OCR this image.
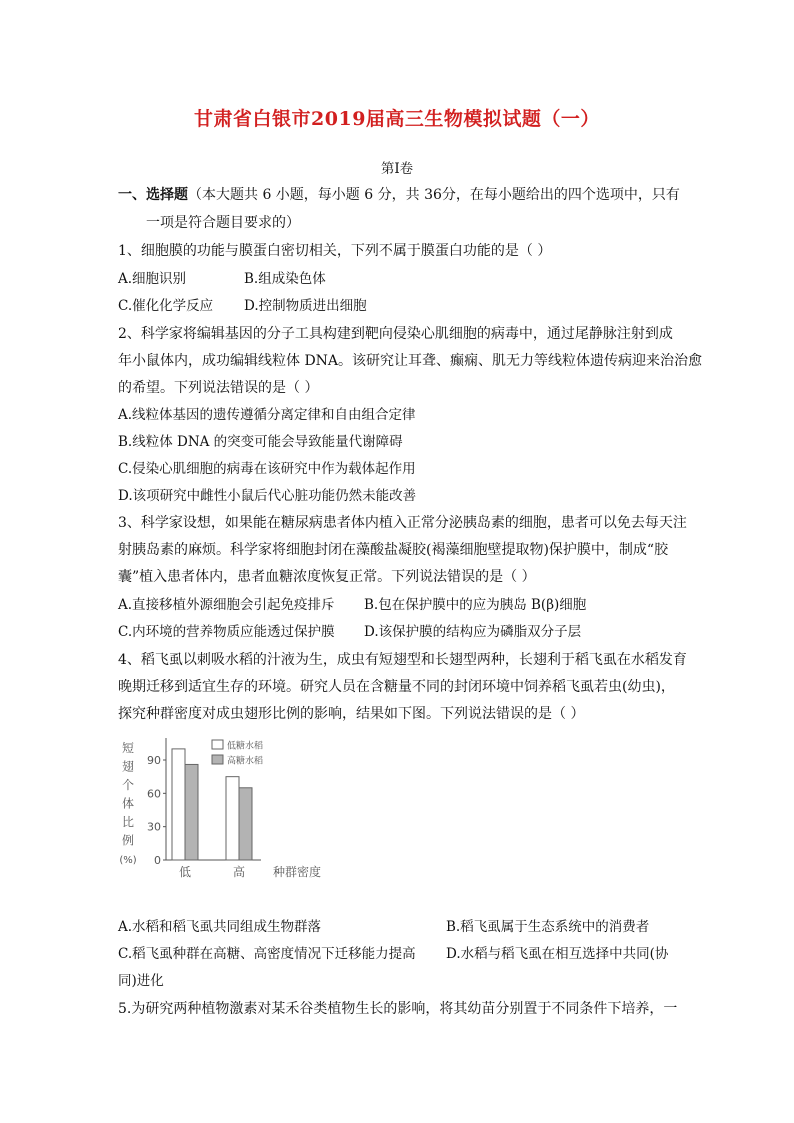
甘肃省白银市2019届高三生物模拟试题（一）
第Ⅰ卷
一、选择题（本大题共 6 小题，每小题 6 分，共 36分，在每小题给出的四个选项中，只有
一项是符合题目要求的）
1、细胞膜的功能与膜蛋白密切相关，下列不属于膜蛋白功能的是（ ）
A.细胞识别	B.组成染色体
C.催化化学反应 D.控制物质进出细胞
2、科学家将编辑基因的分子工具构建到靶向侵染心肌细胞的病毒中，通过尾静脉注射到成
年小鼠体内，成功编辑线粒体 DNA。该研究让耳聋、癫痫、肌无力等线粒体遗传病迎来治治愈
的希望。下列说法错误的是（ ）
A.线粒体基因的遗传遵循分离定律和自由组合定律
B.线粒体 DNA 的突变可能会导致能量代谢障碍
C.侵染心肌细胞的病毒在该研究中作为载体起作用
D.该项研究中雌性小鼠后代心脏功能仍然未能改善
3、科学家设想，如果能在糖尿病患者体内植入正常分泌胰岛素的细胞，患者可以免去每天注
射胰岛素的麻烦。科学家将细胞封闭在藻酸盐凝胶(褐藻细胞壁提取物)保护膜中，制成“胶
囊”植入患者体内，患者血糖浓度恢复正常。下列说法错误的是（ ）
A.直接移植外源细胞会引起免疫排斥 B.包在保护膜中的应为胰岛 B(β)细胞
C.内环境的营养物质应能透过保护膜 D.该保护膜的结构应为磷脂双分子层
4、稻飞虱以刺吸水稻的汁液为生，成虫有短翅型和长翅型两种，长翅利于稻飞虱在水稻发育
晚期迁移到适宜生存的环境。研究人员在含糖量不同的封闭环境中饲养稻飞虱若虫(幼虫)，
探究种群密度对成虫翅形比例的影响，结果如下图。下列说法错误的是（ ）
短
翅
个
体
比
例
(%) 0
30
60
90
低	高 种群密度
低糖水稻
高糖水稻
A.水稻和稻飞虱共同组成生物群落	B.稻飞虱属于生态系统中的消费者
C.稻飞虱种群在高糖、高密度情况下迁移能力提高 D.水稻与稻飞虱在相互选择中共同(协
同)进化
5.为研究两种植物激素对某禾谷类植物生长的影响，将其幼苗分别置于不同条件下培养，一
